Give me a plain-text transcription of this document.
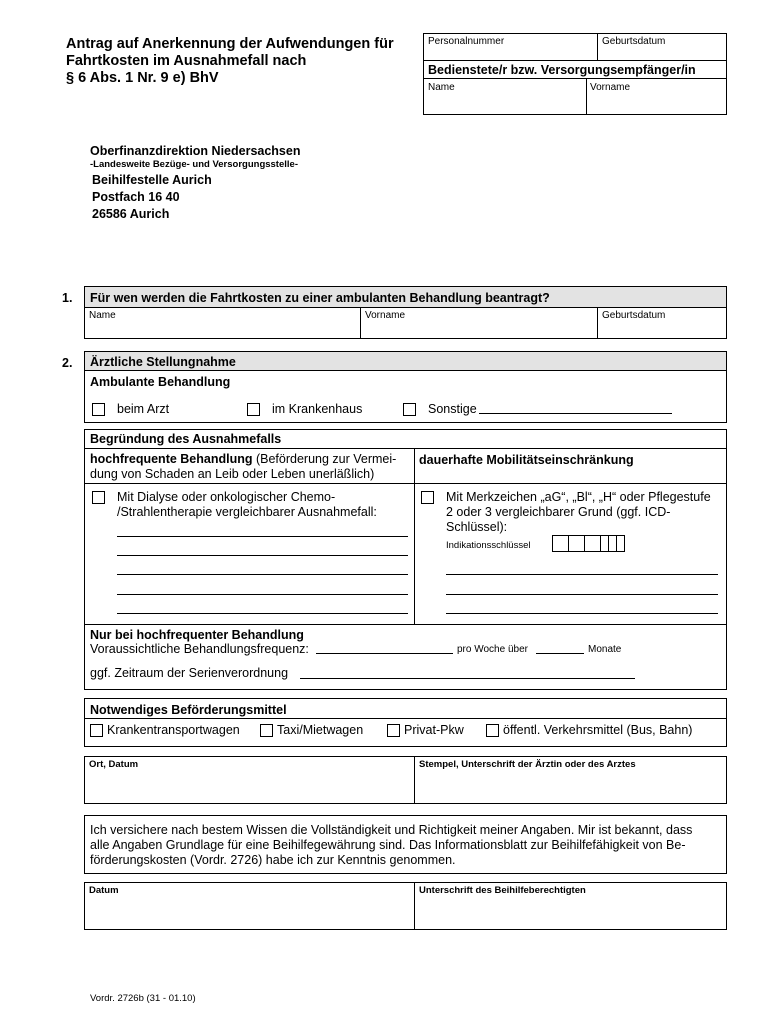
Antrag auf Anerkennung der Aufwendungen für
Fahrtkosten im Ausnahmefall nach
§ 6 Abs. 1 Nr. 9 e) BhV
Personalnummer	Geburtsdatum
Bedienstete/r bzw. Versorgungsempfänger/in
Name	Vorname
Oberfinanzdirektion Niedersachsen
-Landesweite Bezüge- und Versorgungsstelle-
Beihilfestelle Aurich
Postfach 16 40
26586 Aurich
1. Für wen werden die Fahrtkosten zu einer ambulanten Behandlung beantragt?
Name	Vorname	Geburtsdatum
2. Ärztliche Stellungnahme
Ambulante Behandlung
beim Arzt	im Krankenhaus	Sonstige
Begründung des Ausnahmefalls
hochfrequente Behandlung (Beförderung zur Vermei-
dung von Schaden an Leib oder Leben unerläßlich)
dauerhafte Mobilitätseinschränkung
Mit Dialyse oder onkologischer Chemo-
/Strahlentherapie vergleichbarer Ausnahmefall:
Mit Merkzeichen „aG“, „Bl“, „H“ oder Pflegestufe
2 oder 3 vergleichbarer Grund (ggf. ICD-
Schlüssel):
Indikationsschlüssel
Nur bei hochfrequenter Behandlung
Voraussichtliche Behandlungsfrequenz:	pro Woche über	Monate
ggf. Zeitraum der Serienverordnung
Notwendiges Beförderungsmittel
Krankentransportwagen	Taxi/Mietwagen	Privat-Pkw	öffentl. Verkehrsmittel (Bus, Bahn)
Ort, Datum	Stempel, Unterschrift der Ärztin oder des Arztes
Ich versichere nach bestem Wissen die Vollständigkeit und Richtigkeit meiner Angaben. Mir ist bekannt, dass
alle Angaben Grundlage für eine Beihilfegewährung sind. Das Informationsblatt zur Beihilfefähigkeit von Be-
förderungskosten (Vordr. 2726) habe ich zur Kenntnis genommen.
Datum	Unterschrift des Beihilfeberechtigten
Vordr. 2726b (31 - 01.10)
